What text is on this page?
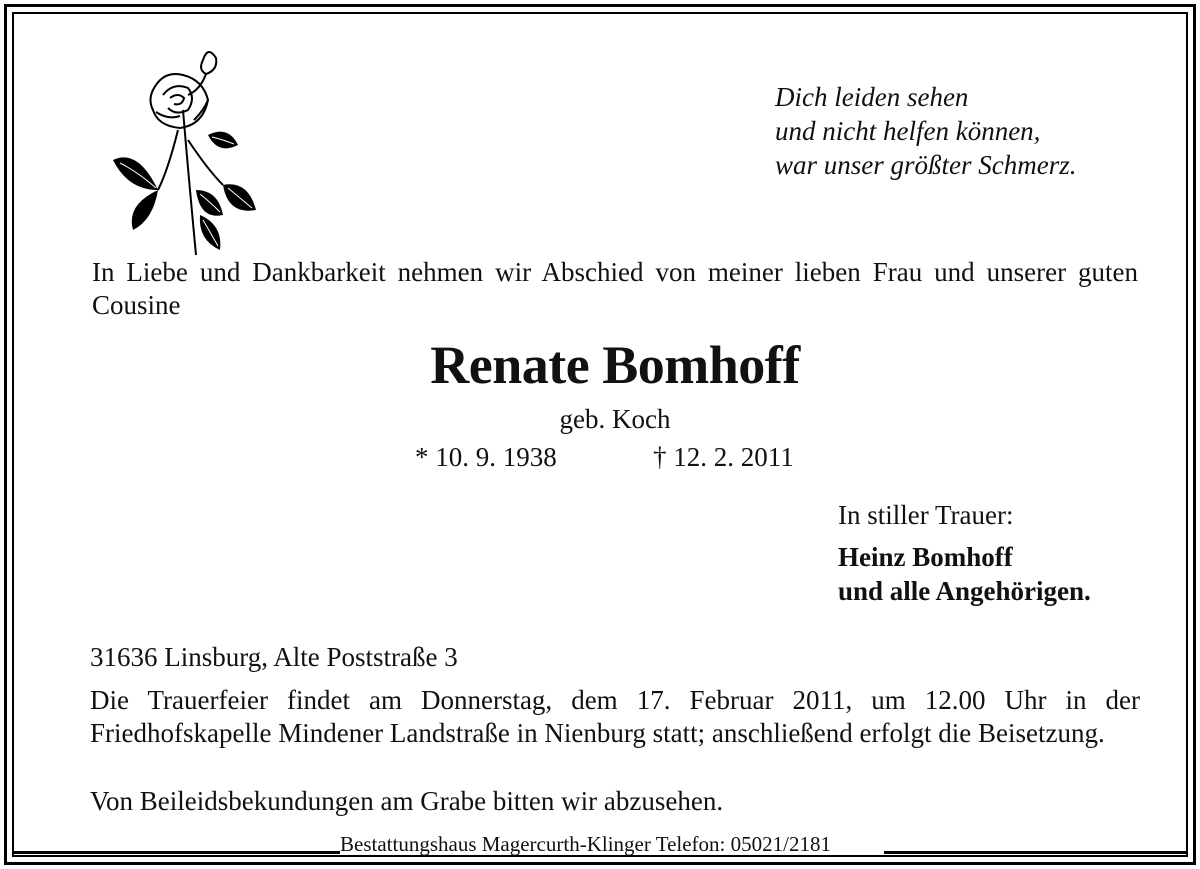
Dich leiden sehen
und nicht helfen können,
war unser größter Schmerz.
In Liebe und Dankbarkeit nehmen wir Abschied von meiner lieben Frau und unserer guten Cousine
Renate Bomhoff
geb. Koch
* 10. 9. 1938	† 12. 2. 2011
In stiller Trauer:
Heinz Bomhoff
und alle Angehörigen.
31636 Linsburg, Alte Poststraße 3
Die Trauerfeier findet am Donnerstag, dem 17. Februar 2011, um 12.00 Uhr in der Friedhofskapelle Mindener Landstraße in Nienburg statt; anschließend erfolgt die Beisetzung.
Von Beileidsbekundungen am Grabe bitten wir abzusehen.
Bestattungshaus Magercurth-Klinger Telefon: 05021/2181
